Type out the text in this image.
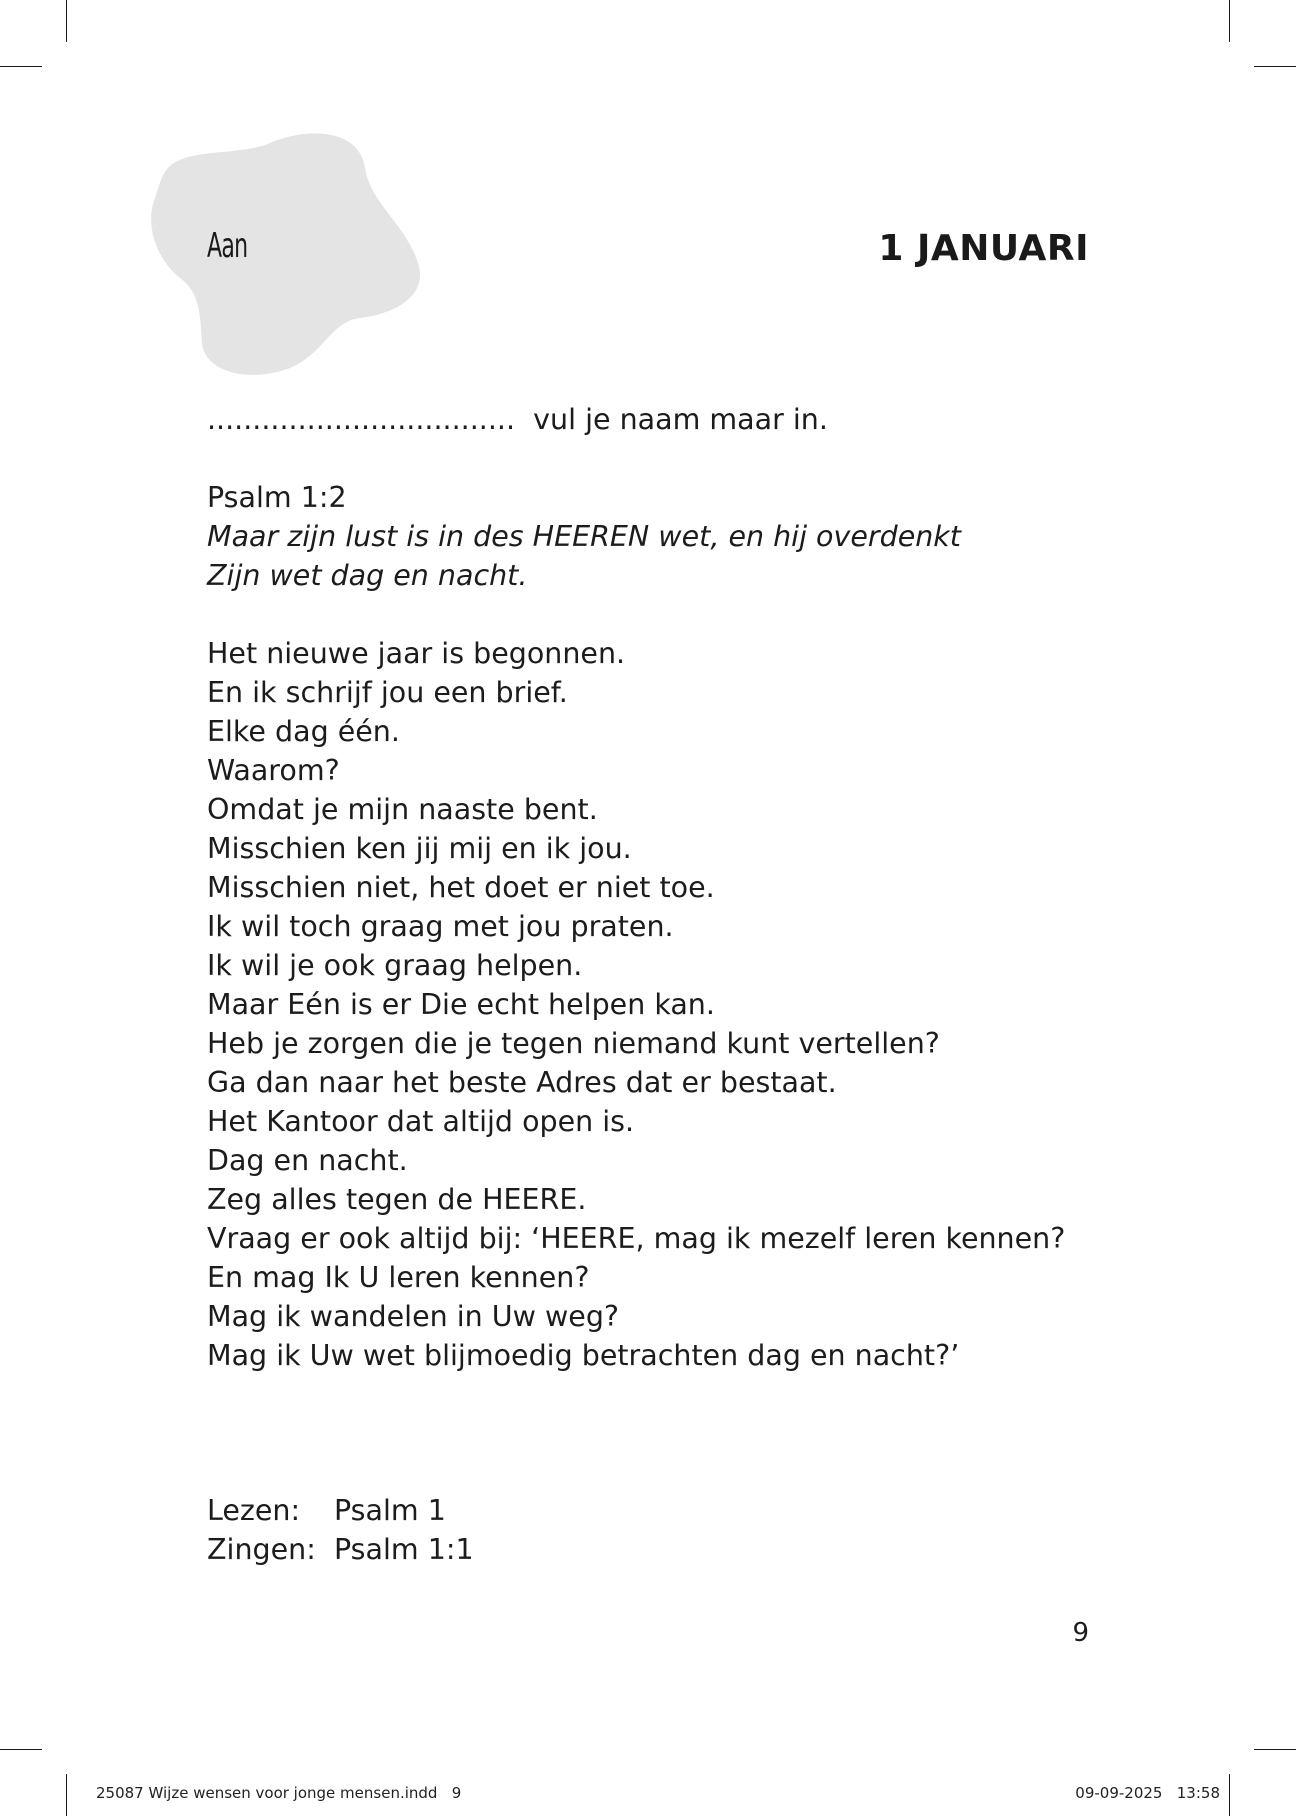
Aan	1 JANUARI

.................................. vul je naam maar in.

Psalm 1:2

Maar zijn lust is in des HEEREN wet, en hij overdenkt

Zijn wet dag en nacht.

Het nieuwe jaar is begonnen.

En ik schrijf jou een brief.

Elke dag één.

Waarom?

Omdat je mijn naaste bent.

Misschien ken jij mij en ik jou.

Misschien niet, het doet er niet toe.

Ik wil toch graag met jou praten.

Ik wil je ook graag helpen.

Maar Eén is er Die echt helpen kan.

Heb je zorgen die je tegen niemand kunt vertellen?

Ga dan naar het beste Adres dat er bestaat.

Het Kantoor dat altijd open is.

Dag en nacht.

Zeg alles tegen de HEERE.

Vraag er ook altijd bij: ‘HEERE, mag ik mezelf leren kennen?

En mag Ik U leren kennen?

Mag ik wandelen in Uw weg?

Mag ik Uw wet blijmoedig betrachten dag en nacht?’

Lezen:	Psalm 1
Zingen: Psalm 1:1
9
25087 Wijze wensen voor jonge mensen.indd   9	09-09-2025   13:58
